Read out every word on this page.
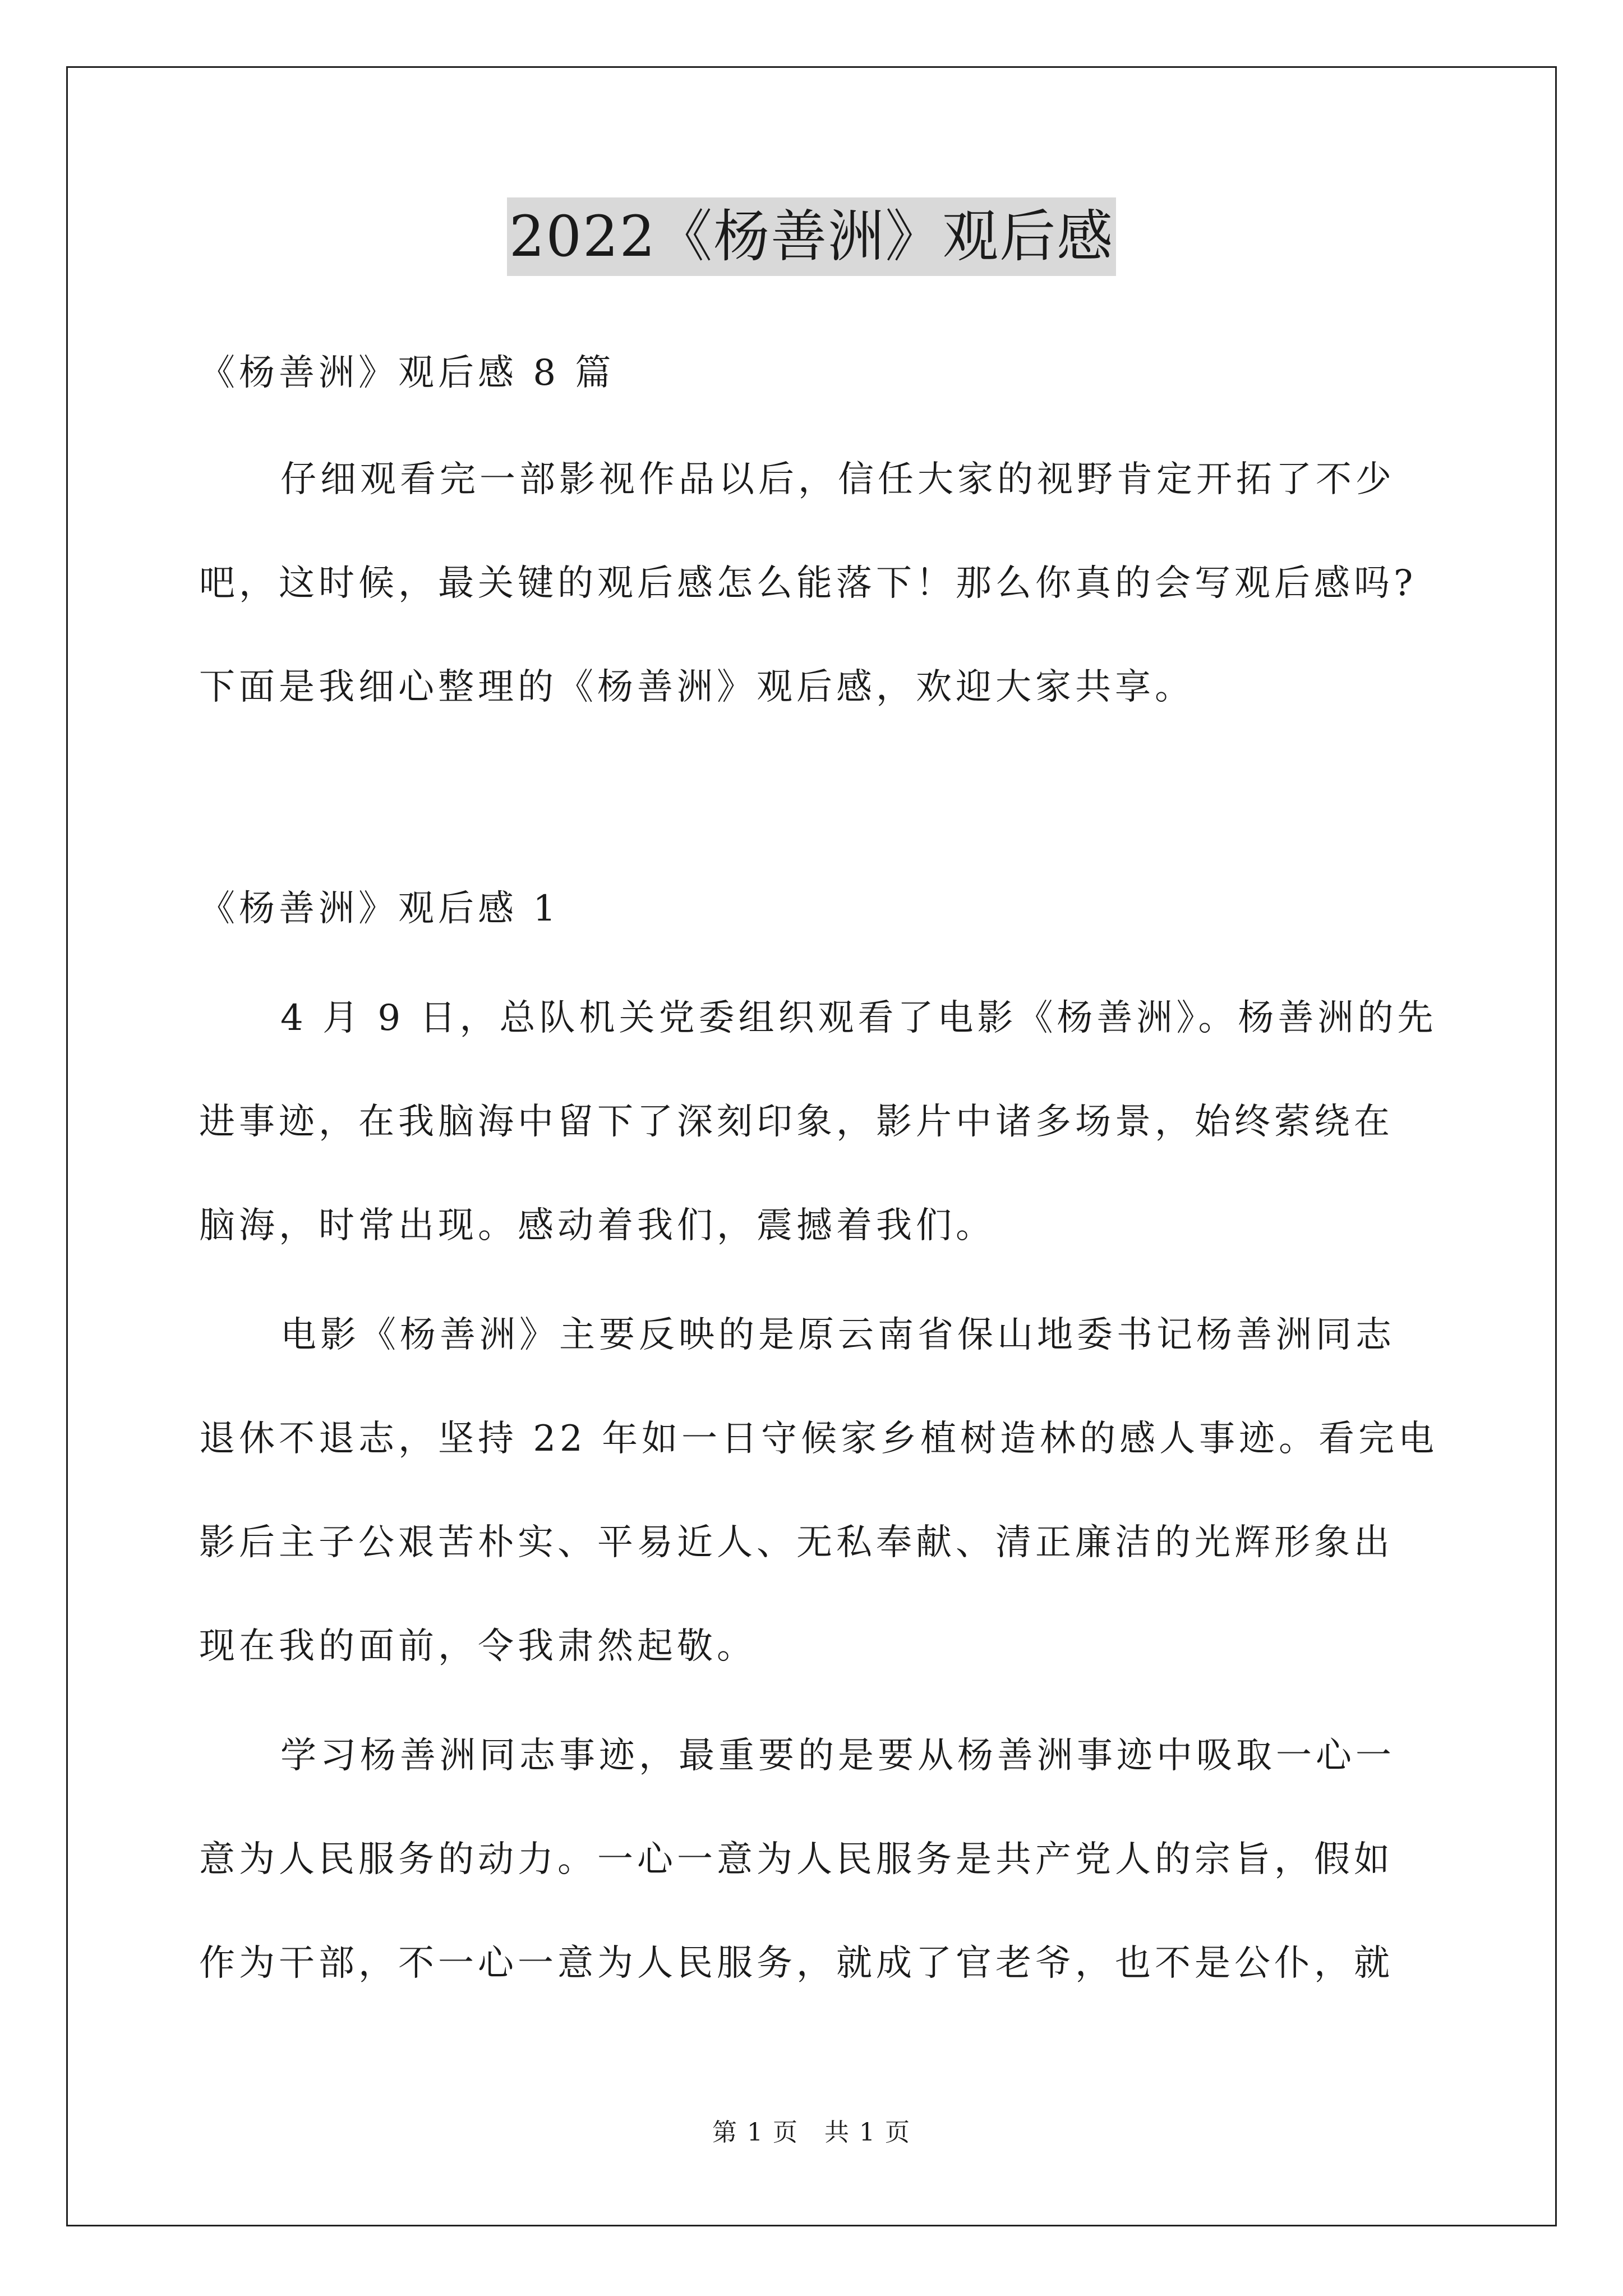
2022《杨善洲》观后感
《杨善洲》观后感 8 篇
仔细观看完一部影视作品以后，信任大家的视野肯定开拓了不少
吧，这时候，最关键的观后感怎么能落下！那么你真的会写观后感吗?
下面是我细心整理的《杨善洲》观后感，欢迎大家共享。
《杨善洲》观后感 1
4 月 9 日，总队机关党委组织观看了电影《杨善洲》。杨善洲的先
进事迹，在我脑海中留下了深刻印象，影片中诸多场景，始终萦绕在
脑海，时常出现。感动着我们，震撼着我们。
电影《杨善洲》主要反映的是原云南省保山地委书记杨善洲同志
退休不退志，坚持 22 年如一日守候家乡植树造林的感人事迹。看完电
影后主子公艰苦朴实、平易近人、无私奉献、清正廉洁的光辉形象出
现在我的面前，令我肃然起敬。
学习杨善洲同志事迹，最重要的是要从杨善洲事迹中吸取一心一
意为人民服务的动力。一心一意为人民服务是共产党人的宗旨，假如
作为干部，不一心一意为人民服务，就成了官老爷，也不是公仆，就
第 1 页　共 1 页
